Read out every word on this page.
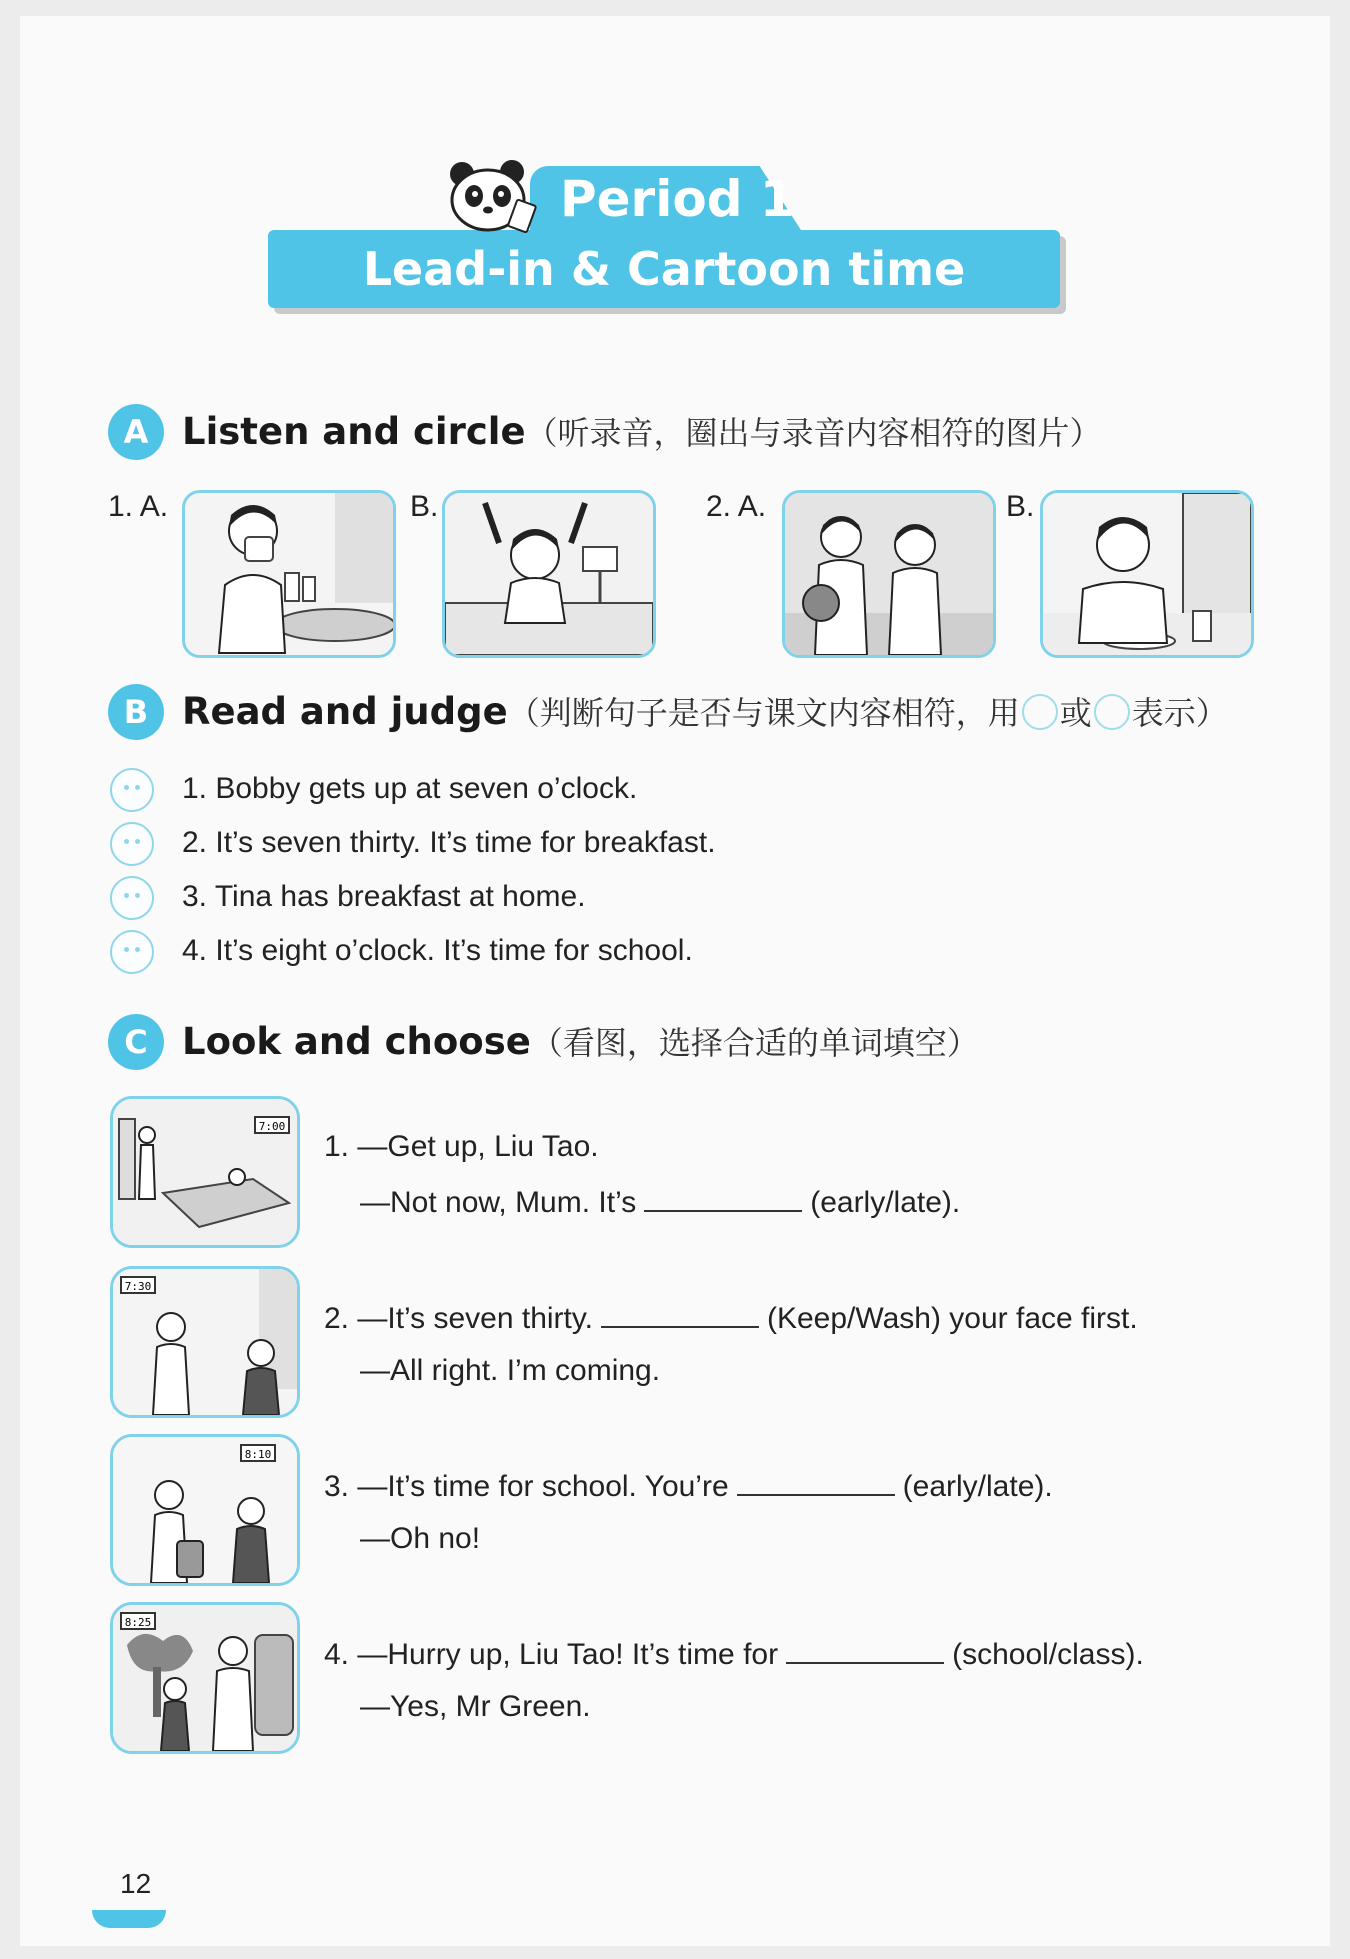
Period 1
Lead-in & Cartoon time
A Listen and circle（听录音，圈出与录音内容相符的图片）
1. A.	B.	2. A.	B.
B Read and judge（判断句子是否与课文内容相符，用 或 表示）
1. Bobby gets up at seven o’clock.
2. It’s seven thirty. It’s time for breakfast.
3. Tina has breakfast at home.
4. It’s eight o’clock. It’s time for school.
C Look and choose（看图，选择合适的单词填空）
7:00
1. —Get up, Liu Tao.
—Not now, Mum. It’s	(early/late).
7:30
2. —It’s seven thirty.	(Keep/Wash) your face first.
—All right. I’m coming.
8:10
3. —It’s time for school. You’re	(early/late).
—Oh no!
8:25
4. —Hurry up, Liu Tao! It’s time for	(school/class).
—Yes, Mr Green.
12
